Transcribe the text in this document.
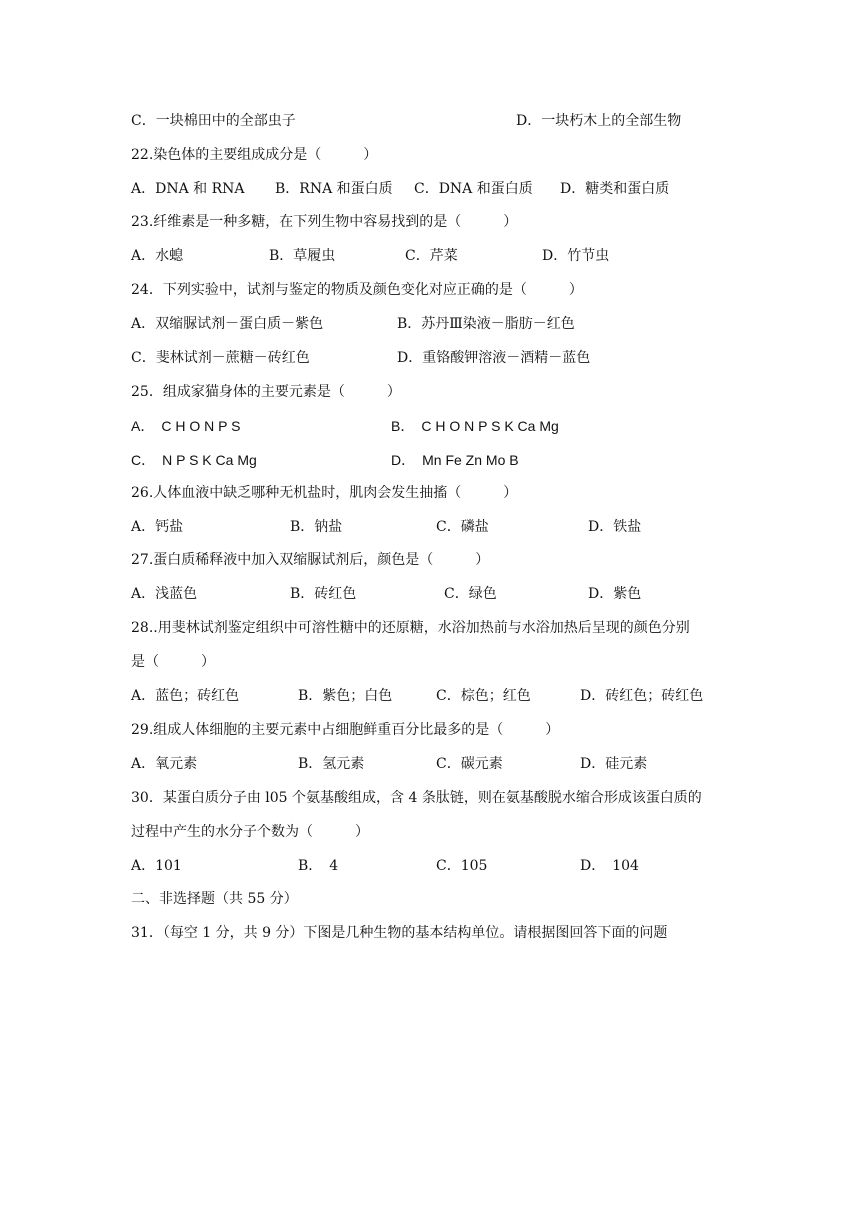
C．一块棉田中的全部虫子	D．一块朽木上的全部生物
22.染色体的主要组成成分是（　　　）
A．DNA 和 RNA B．RNA 和蛋白质 C．DNA 和蛋白质 D．糖类和蛋白质
23.纤维素是一种多糖，在下列生物中容易找到的是（　　　）
A．水螅	B．草履虫	C．芹菜	D．竹节虫
24．下列实验中，试剂与鉴定的物质及颜色变化对应正确的是（　　　）
A．双缩脲试剂－蛋白质－紫色	B．苏丹Ⅲ染液－脂肪－红色
C．斐林试剂－蔗糖－砖红色	D．重铬酸钾溶液－酒精－蓝色
25．组成家猫身体的主要元素是（　　　）
A．　C H O N P S	B．　C H O N P S K Ca Mg
C．　N P S K Ca Mg	D．　Mn Fe Zn Mo B
26.人体血液中缺乏哪种无机盐时，肌肉会发生抽搐（　　　）
A．钙盐	B．钠盐	C．磷盐	D．铁盐
27.蛋白质稀释液中加入双缩脲试剂后，颜色是（　　　）
A．浅蓝色	B．砖红色	C．绿色	D．紫色
28..用斐林试剂鉴定组织中可溶性糖中的还原糖，水浴加热前与水浴加热后呈现的颜色分别
是（　　　）
A．蓝色；砖红色	B．紫色；白色	C．棕色；红色	D．砖红色；砖红色
29.组成人体细胞的主要元素中占细胞鲜重百分比最多的是（　　　）
A．氧元素	B．氢元素	C．碳元素	D．硅元素
30．某蛋白质分子由 l05 个氨基酸组成，含 4 条肽链，则在氨基酸脱水缩合形成该蛋白质的
过程中产生的水分子个数为（　　　）
A．101	B．　4	C．105	D．　104
二、非选择题（共 55 分）
31．（每空 1 分，共 9 分）下图是几种生物的基本结构单位。请根据图回答下面的问题
